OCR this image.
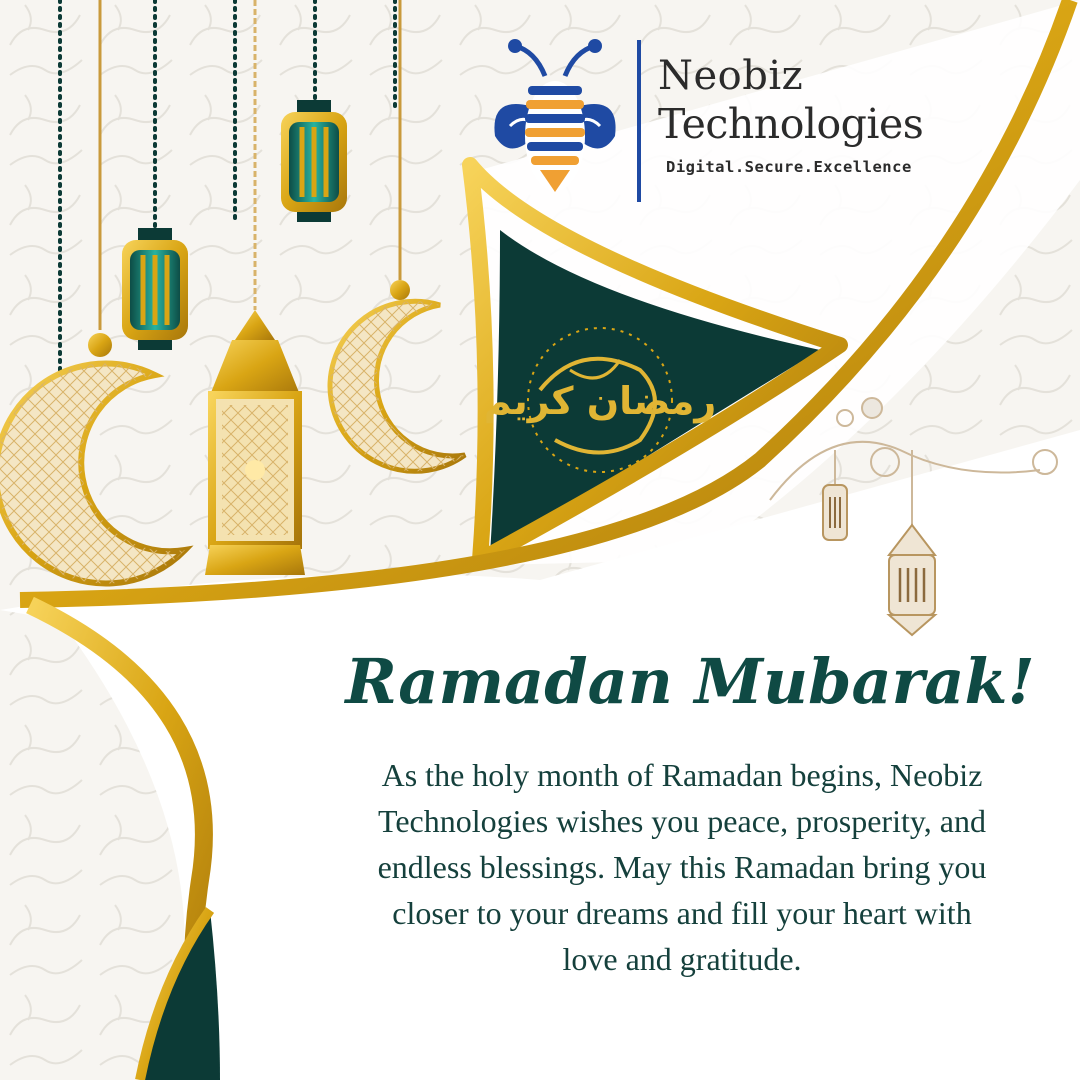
رمضان كريم
Neobiz
Technologies
Digital.Secure.Excellence
Ramadan Mubarak!

As the holy month of Ramadan begins, Neobiz Technologies wishes you peace, prosperity, and endless blessings. May this Ramadan bring you closer to your dreams and fill your heart with love and gratitude.
